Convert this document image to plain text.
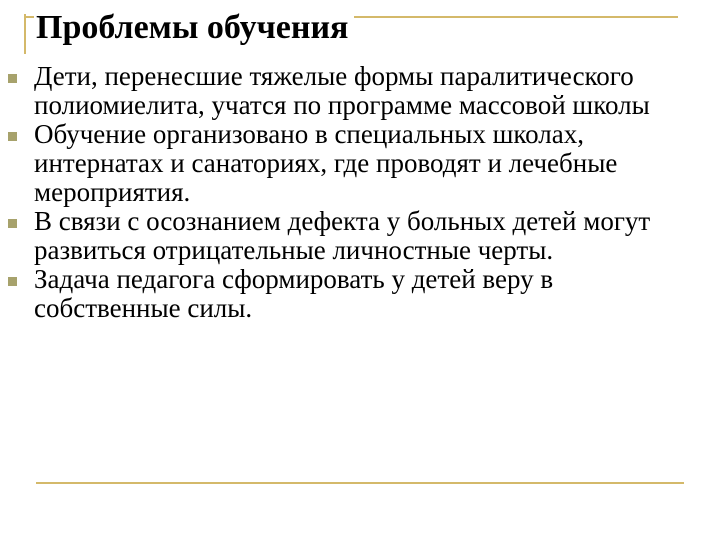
Проблемы обучения
Дети, перенесшие тяжелые формы паралитического полиомиелита, учатся по программе массовой школы
Обучение организовано в специальных школах, интернатах и санаториях, где проводят и лечебные мероприятия.
В связи с осознанием дефекта у больных детей могут развиться отрицательные личностные черты.
Задача педагога сформировать у детей веру в собственные силы.
